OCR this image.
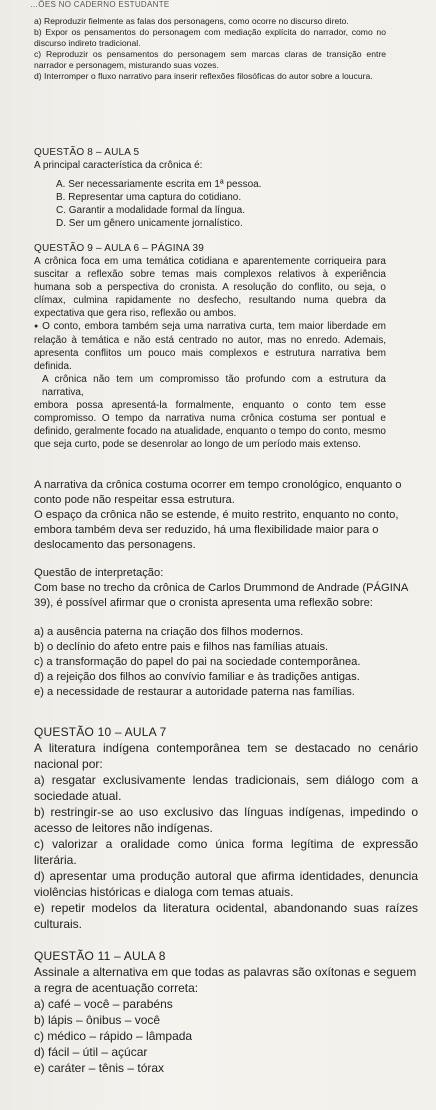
…ÕES NO CADERNO ESTUDANTE

a) Reproduzir fielmente as falas dos personagens, como ocorre no discurso direto.

b) Expor os pensamentos do personagem com mediação explícita do narrador, como no discurso indireto tradicional.

c) Reproduzir os pensamentos do personagem sem marcas claras de transição entre narrador e personagem, misturando suas vozes.

d) Interromper o fluxo narrativo para inserir reflexões filosóficas do autor sobre a loucura.

QUESTÃO 8 – AULA 5

A principal característica da crônica é:

A. Ser necessariamente escrita em 1ª pessoa.

B. Representar uma captura do cotidiano.

C. Garantir a modalidade formal da língua.

D. Ser um gênero unicamente jornalístico.

QUESTÃO 9 – AULA 6 – PÁGINA 39

A crônica foca em uma temática cotidiana e aparentemente corriqueira para suscitar a reflexão sobre temas mais complexos relativos à experiência humana sob a perspectiva do cronista. A resolução do conflito, ou seja, o clímax, culmina rapidamente no desfecho, resultando numa quebra da expectativa que gera riso, reflexão ou ambos.

● O conto, embora também seja uma narrativa curta, tem maior liberdade em relação à temática e não está centrado no autor, mas no enredo. Ademais, apresenta conflitos um pouco mais complexos e estrutura narrativa bem definida.

A crônica não tem um compromisso tão profundo com a estrutura da narrativa,

embora possa apresentá-la formalmente, enquanto o conto tem esse compromisso. O tempo da narrativa numa crônica costuma ser pontual e definido, geralmente focado na atualidade, enquanto o tempo do conto, mesmo que seja curto, pode se desenrolar ao longo de um período mais extenso.

A narrativa da crônica costuma ocorrer em tempo cronológico, enquanto o conto pode não respeitar essa estrutura.

O espaço da crônica não se estende, é muito restrito, enquanto no conto, embora também deva ser reduzido, há uma flexibilidade maior para o deslocamento das personagens.

Questão de interpretação:

Com base no trecho da crônica de Carlos Drummond de Andrade (PÁGINA 39), é possível afirmar que o cronista apresenta uma reflexão sobre:

a) a ausência paterna na criação dos filhos modernos.

b) o declínio do afeto entre pais e filhos nas famílias atuais.

c) a transformação do papel do pai na sociedade contemporânea.

d) a rejeição dos filhos ao convívio familiar e às tradições antigas.

e) a necessidade de restaurar a autoridade paterna nas famílias.

QUESTÃO 10 – AULA 7

A literatura indígena contemporânea tem se destacado no cenário nacional por:

a) resgatar exclusivamente lendas tradicionais, sem diálogo com a sociedade atual.

b) restringir-se ao uso exclusivo das línguas indígenas, impedindo o acesso de leitores não indígenas.

c) valorizar a oralidade como única forma legítima de expressão literária.

d) apresentar uma produção autoral que afirma identidades, denuncia violências históricas e dialoga com temas atuais.

e) repetir modelos da literatura ocidental, abandonando suas raízes culturais.

QUESTÃO 11 – AULA 8

Assinale a alternativa em que todas as palavras são oxítonas e seguem a regra de acentuação correta:

a) café – você – parabéns

b) lápis – ônibus – você

c) médico – rápido – lâmpada

d) fácil – útil – açúcar

e) caráter – tênis – tórax
